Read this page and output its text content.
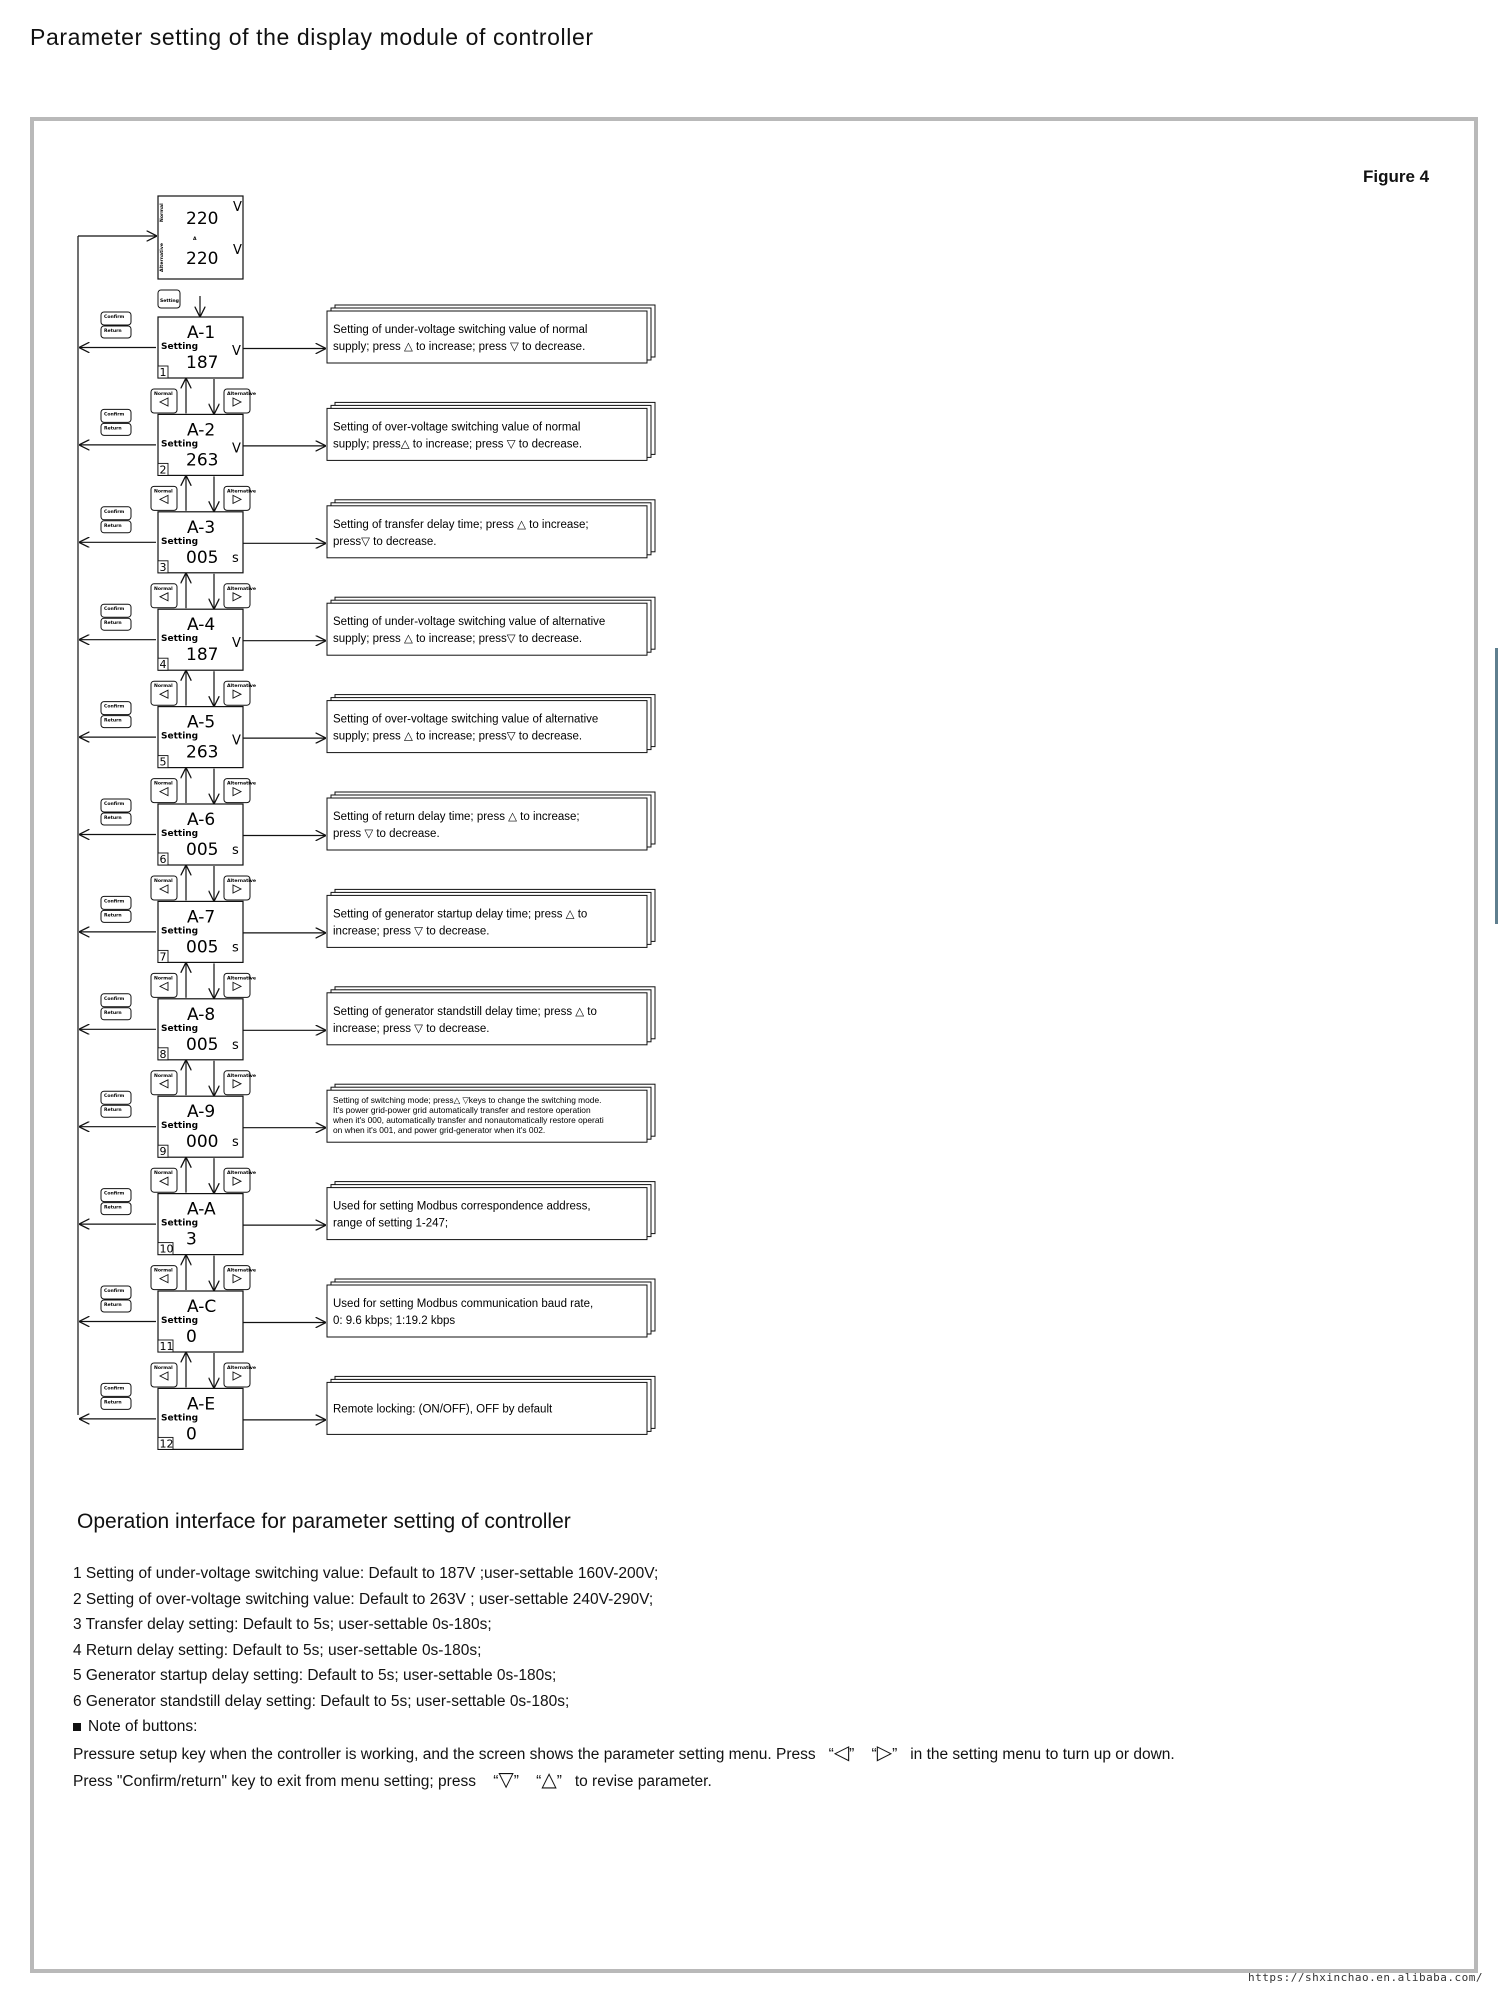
Parameter setting of the display module of controller
Figure 4
Normal
Alternative
220
A
220
V
V
Setting
Confirm
Return	A-1
Setting
187
V
1
Setting of under-voltage switching value of normal
supply; press △ to increase; press ▽ to decrease.
Normal	Alternative
Confirm
Return	A-2
Setting
263
V
2
Setting of over-voltage switching value of normal
supply; press△ to increase; press ▽ to decrease.
Normal	Alternative
Confirm
Return	A-3
Setting
005 s
3
Setting of transfer delay time; press △ to increase;
press▽ to decrease.
Normal	Alternative
Confirm
Return	A-4
Setting
187
V
4
Setting of under-voltage switching value of alternative
supply; press △ to increase; press▽ to decrease.
Normal	Alternative
Confirm
Return	A-5
Setting
263
V
5
Setting of over-voltage switching value of alternative
supply; press △ to increase; press▽ to decrease.
Normal	Alternative
Confirm
Return	A-6
Setting
005 s
6
Setting of return delay time; press △ to increase;
press ▽ to decrease.
Normal	Alternative
Confirm
Return	A-7
Setting
005 s
7
Setting of generator startup delay time; press △ to
increase; press ▽ to decrease.
Normal	Alternative
Confirm
Return	A-8
Setting
005 s
8
Setting of generator standstill delay time; press △ to
increase; press ▽ to decrease.
Normal	Alternative
Confirm
Return	A-9
Setting
000 s
9
Setting of switching mode; press△ ▽keys to change the switching mode.
It's power grid-power grid automatically transfer and restore operation
when it's 000, automatically transfer and nonautomatically restore operati
on when it's 001, and power grid-generator when it's 002.
Normal	Alternative
Confirm
Return	A-A
Setting
3
10
Used for setting Modbus correspondence address,
range of setting 1-247;
Normal	Alternative
Confirm
Return	A-C
Setting
0
11
Used for setting Modbus communication baud rate,
0: 9.6 kbps; 1:19.2 kbps
Normal	Alternative
Confirm
Return	A-E
Setting
0
12
Remote locking: (ON/OFF), OFF by default
Operation interface for parameter setting of controller
1 Setting of under-voltage switching value: Default to 187V ;user-settable 160V-200V;
2 Setting of over-voltage switching value: Default to 263V ; user-settable 240V-290V;
3 Transfer delay setting: Default to 5s; user-settable 0s-180s;
4 Return delay setting: Default to 5s; user-settable 0s-180s;
5 Generator startup delay setting: Default to 5s; user-settable 0s-180s;
6 Generator standstill delay setting: Default to 5s; user-settable 0s-180s;
Note of buttons:
Pressure setup key when the controller is working, and the screen shows the parameter setting menu. Press “◁” “▷” in the setting menu to turn up or down.
Press "Confirm/return" key to exit from menu setting; press “▽” “△” to revise parameter.
https://shxinchao.en.alibaba.com/
